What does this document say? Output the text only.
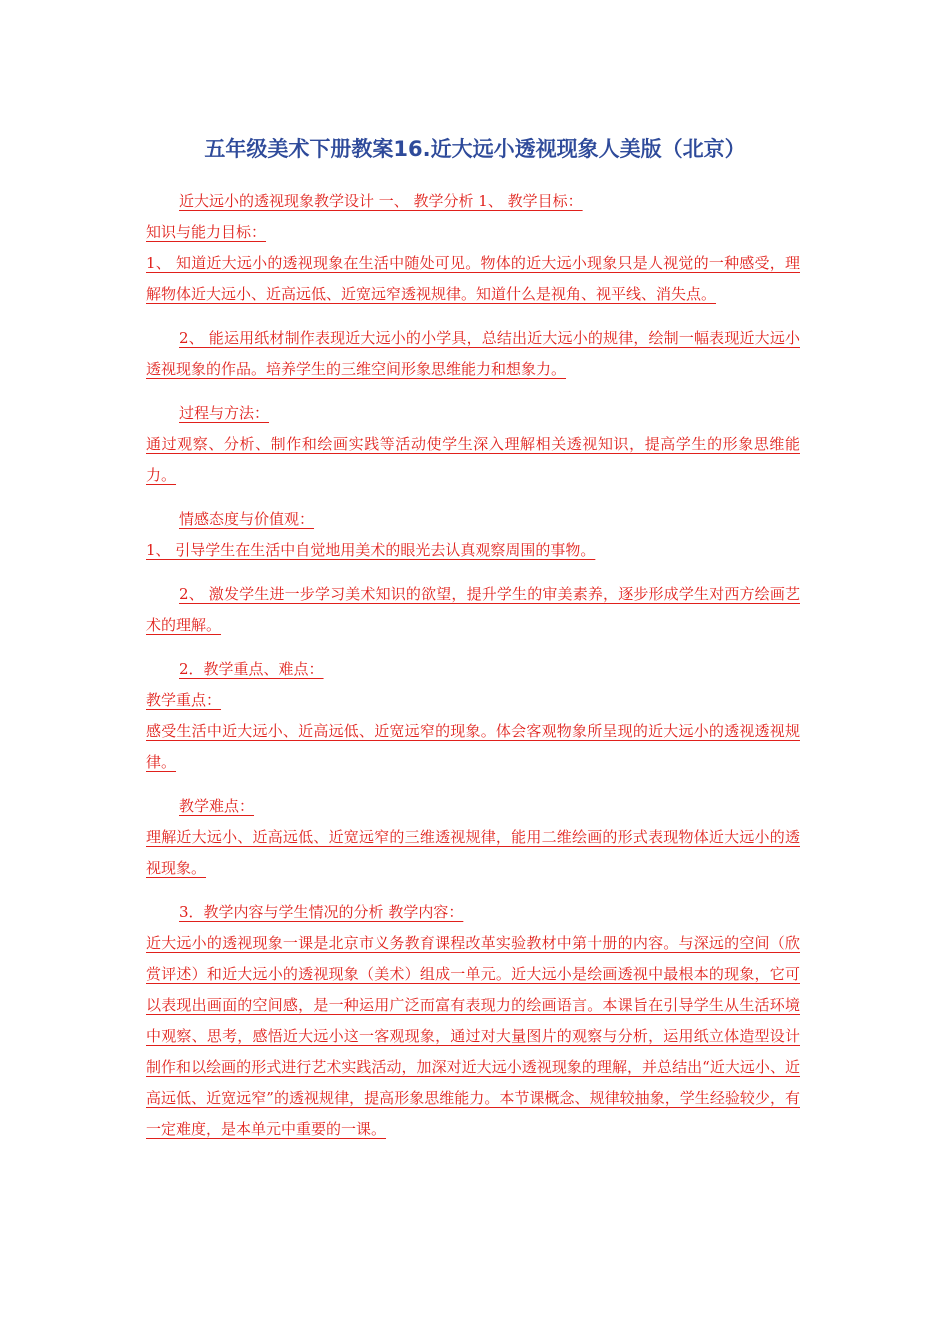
五年级美术下册教案16.近大远小透视现象人美版（北京）

近大远小的透视现象教学设计 一、 教学分析 1、 教学目标：

知识与能力目标：

1、 知道近大远小的透视现象在生活中随处可见。物体的近大远小现象只是人视觉的一种感受，理解物体近大远小、近高远低、近宽远窄透视规律。知道什么是视角、视平线、消失点。

2、 能运用纸材制作表现近大远小的小学具，总结出近大远小的规律，绘制一幅表现近大远小透视现象的作品。培养学生的三维空间形象思维能力和想象力。

过程与方法：

通过观察、分析、制作和绘画实践等活动使学生深入理解相关透视知识，提高学生的形象思维能力。

情感态度与价值观：

1、 引导学生在生活中自觉地用美术的眼光去认真观察周围的事物。

2、 激发学生进一步学习美术知识的欲望，提升学生的审美素养，逐步形成学生对西方绘画艺术的理解。

2．教学重点、难点：

教学重点：

感受生活中近大远小、近高远低、近宽远窄的现象。体会客观物象所呈现的近大远小的透视透视规律。

教学难点：

理解近大远小、近高远低、近宽远窄的三维透视规律，能用二维绘画的形式表现物体近大远小的透视现象。

3．教学内容与学生情况的分析 教学内容：

近大远小的透视现象一课是北京市义务教育课程改革实验教材中第十册的内容。与深远的空间（欣赏评述）和近大远小的透视现象（美术）组成一单元。近大远小是绘画透视中最根本的现象，它可以表现出画面的空间感，是一种运用广泛而富有表现力的绘画语言。本课旨在引导学生从生活环境中观察、思考，感悟近大远小这一客观现象，通过对大量图片的观察与分析，运用纸立体造型设计制作和以绘画的形式进行艺术实践活动，加深对近大远小透视现象的理解，并总结出“近大远小、近高远低、近宽远窄”的透视规律，提高形象思维能力。本节课概念、规律较抽象，学生经验较少，有一定难度，是本单元中重要的一课。
